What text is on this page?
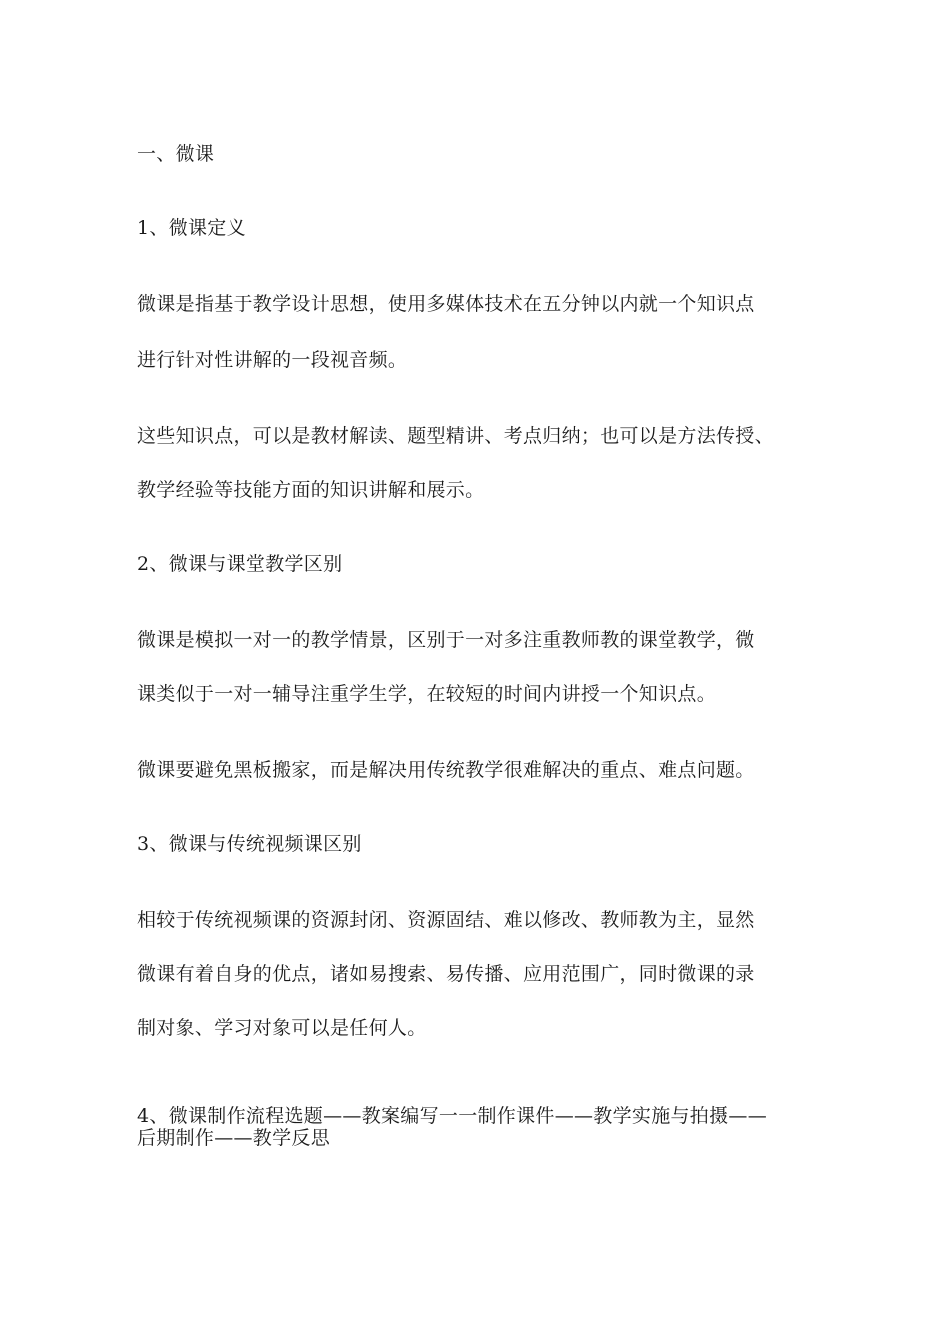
一、微课
1、微课定义
微课是指基于教学设计思想，使用多媒体技术在五分钟以内就一个知识点
进行针对性讲解的一段视音频。
这些知识点，可以是教材解读、题型精讲、考点归纳；也可以是方法传授、
教学经验等技能方面的知识讲解和展示。
2、微课与课堂教学区别
微课是模拟一对一的教学情景，区别于一对多注重教师教的课堂教学，微
课类似于一对一辅导注重学生学，在较短的时间内讲授一个知识点。
微课要避免黑板搬家，而是解决用传统教学很难解决的重点、难点问题。
3、微课与传统视频课区别
相较于传统视频课的资源封闭、资源固结、难以修改、教师教为主，显然
微课有着自身的优点，诸如易搜索、易传播、应用范围广，同时微课的录
制对象、学习对象可以是任何人。
4、微课制作流程选题——教案编写一一制作课件——教学实施与拍摄——
后期制作——教学反思
